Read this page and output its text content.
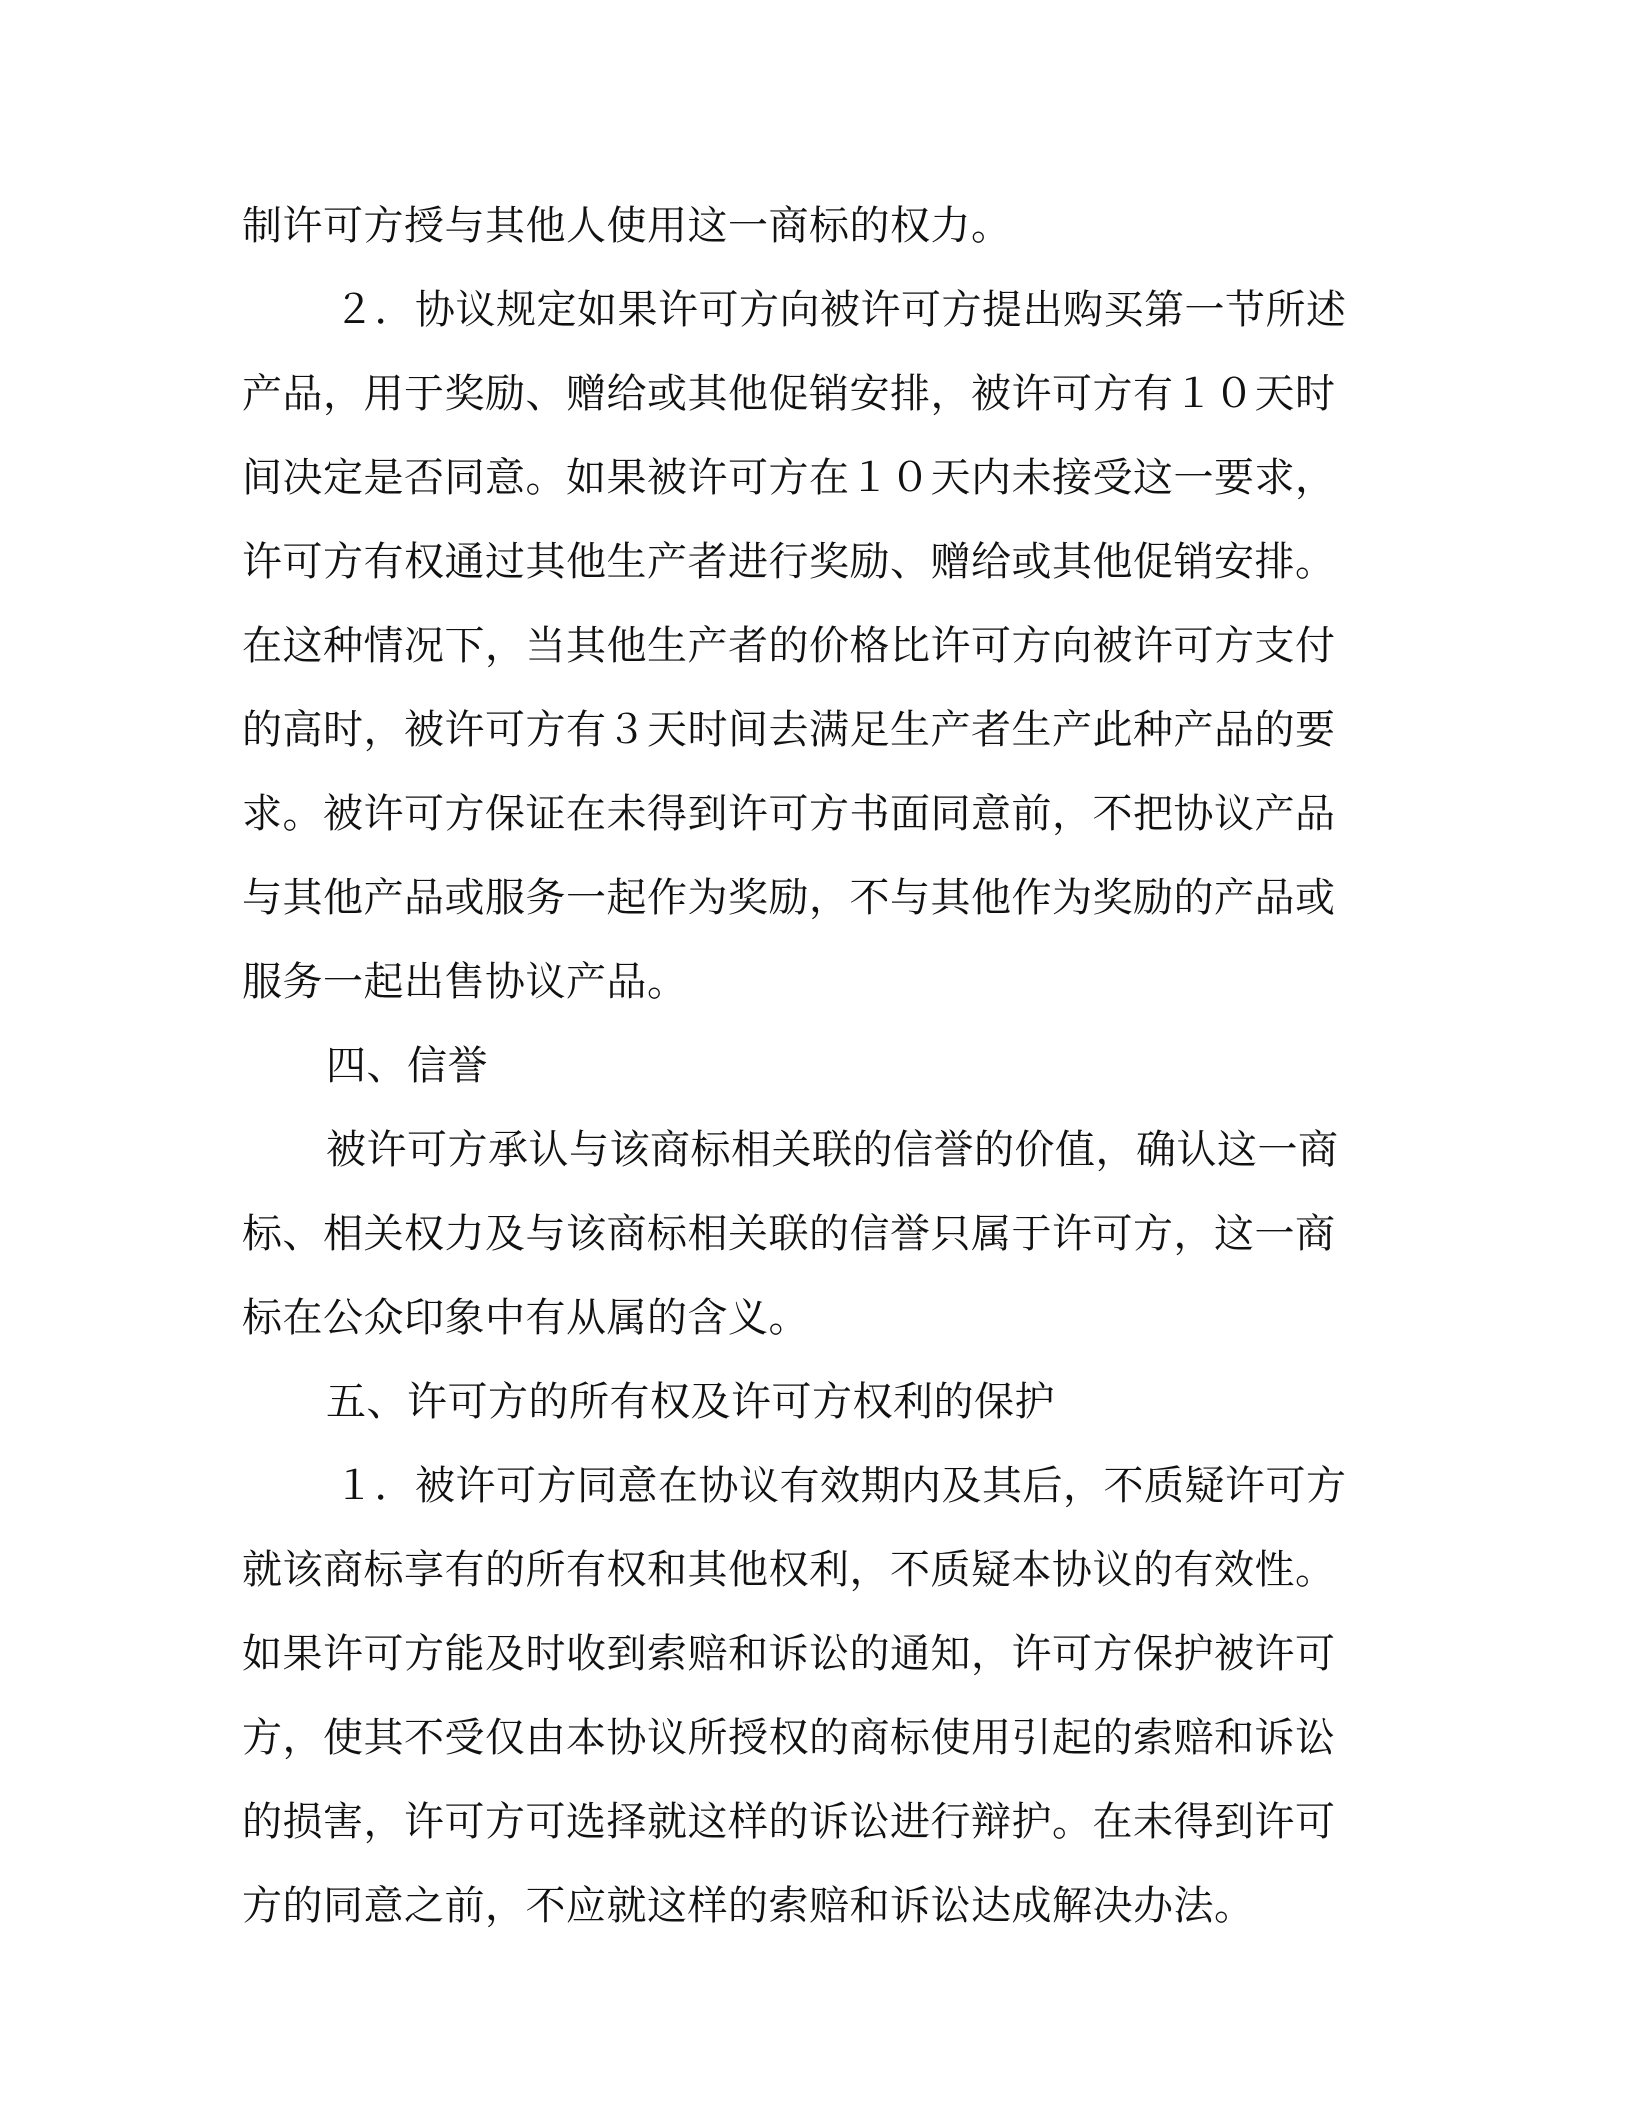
制许可方授与其他人使用这一商标的权力。
２．协议规定如果许可方向被许可方提出购买第一节所述
产品，用于奖励、赠给或其他促销安排，被许可方有１０天时
间决定是否同意。如果被许可方在１０天内未接受这一要求，
许可方有权通过其他生产者进行奖励、赠给或其他促销安排。
在这种情况下，当其他生产者的价格比许可方向被许可方支付
的高时，被许可方有３天时间去满足生产者生产此种产品的要
求。被许可方保证在未得到许可方书面同意前，不把协议产品
与其他产品或服务一起作为奖励，不与其他作为奖励的产品或
服务一起出售协议产品。
四、信誉
被许可方承认与该商标相关联的信誉的价值，确认这一商
标、相关权力及与该商标相关联的信誉只属于许可方，这一商
标在公众印象中有从属的含义。
五、许可方的所有权及许可方权利的保护
１．被许可方同意在协议有效期内及其后，不质疑许可方
就该商标享有的所有权和其他权利，不质疑本协议的有效性。
如果许可方能及时收到索赔和诉讼的通知，许可方保护被许可
方，使其不受仅由本协议所授权的商标使用引起的索赔和诉讼
的损害，许可方可选择就这样的诉讼进行辩护。在未得到许可
方的同意之前，不应就这样的索赔和诉讼达成解决办法。
